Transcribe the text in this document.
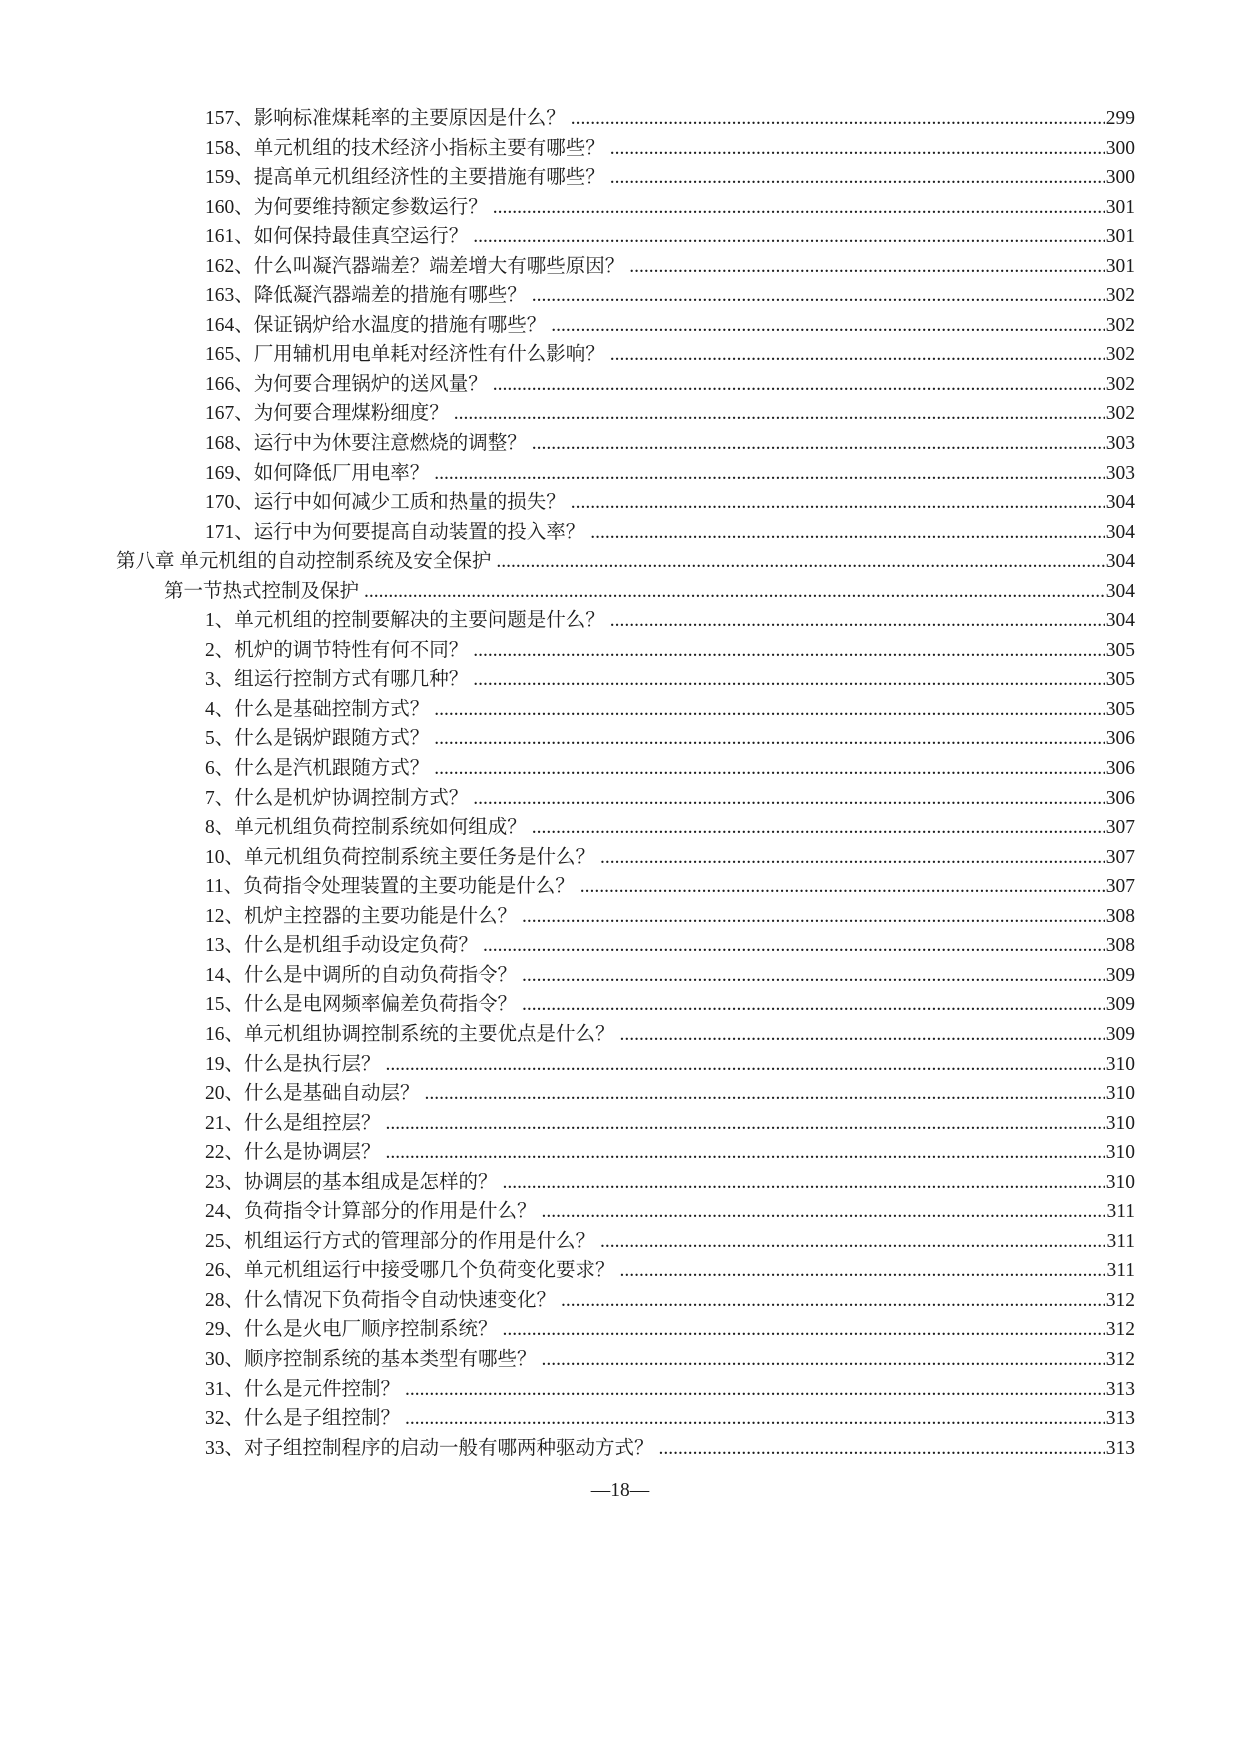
157、影响标准煤耗率的主要原因是什么？ .....	299
158、单元机组的技术经济小指标主要有哪些？ .....	300
159、提高单元机组经济性的主要措施有哪些？ .....	300
160、为何要维持额定参数运行？ .....	301
161、如何保持最佳真空运行？ .....	301
162、什么叫凝汽器端差？端差增大有哪些原因？ .....	301
163、降低凝汽器端差的措施有哪些？ .....	302
164、保证锅炉给水温度的措施有哪些？ .....	302
165、厂用辅机用电单耗对经济性有什么影响？ .....	302
166、为何要合理锅炉的送风量？ .....	302
167、为何要合理煤粉细度？ .....	302
168、运行中为休要注意燃烧的调整？ .....	303
169、如何降低厂用电率？ .....	303
170、运行中如何减少工质和热量的损失？ .....	304
171、运行中为何要提高自动装置的投入率？ .....	304
第八章 单元机组的自动控制系统及安全保护 .....	304
第一节热式控制及保护 .....	304
1、单元机组的控制要解决的主要问题是什么？ .....	304
2、机炉的调节特性有何不同？ .....	305
3、组运行控制方式有哪几种？ .....	305
4、什么是基础控制方式？ .....	305
5、什么是锅炉跟随方式？ .....	306
6、什么是汽机跟随方式？ .....	306
7、什么是机炉协调控制方式？ .....	306
8、单元机组负荷控制系统如何组成？ .....	307
10、单元机组负荷控制系统主要任务是什么？ .....	307
11、负荷指令处理装置的主要功能是什么？ .....	307
12、机炉主控器的主要功能是什么？ .....	308
13、什么是机组手动设定负荷？ .....	308
14、什么是中调所的自动负荷指令？ .....	309
15、什么是电网频率偏差负荷指令？ .....	309
16、单元机组协调控制系统的主要优点是什么？ .....	309
19、什么是执行层？ .....	310
20、什么是基础自动层？ .....	310
21、什么是组控层？ .....	310
22、什么是协调层？ .....	310
23、协调层的基本组成是怎样的？ .....	310
24、负荷指令计算部分的作用是什么？ .....	311
25、机组运行方式的管理部分的作用是什么？ .....	311
26、单元机组运行中接受哪几个负荷变化要求？ .....	311
28、什么情况下负荷指令自动快速变化？ .....	312
29、什么是火电厂顺序控制系统？ .....	312
30、顺序控制系统的基本类型有哪些？ .....	312
31、什么是元件控制？ .....	313
32、什么是子组控制？ .....	313
33、对子组控制程序的启动一般有哪两种驱动方式？ .....	313
—18—
